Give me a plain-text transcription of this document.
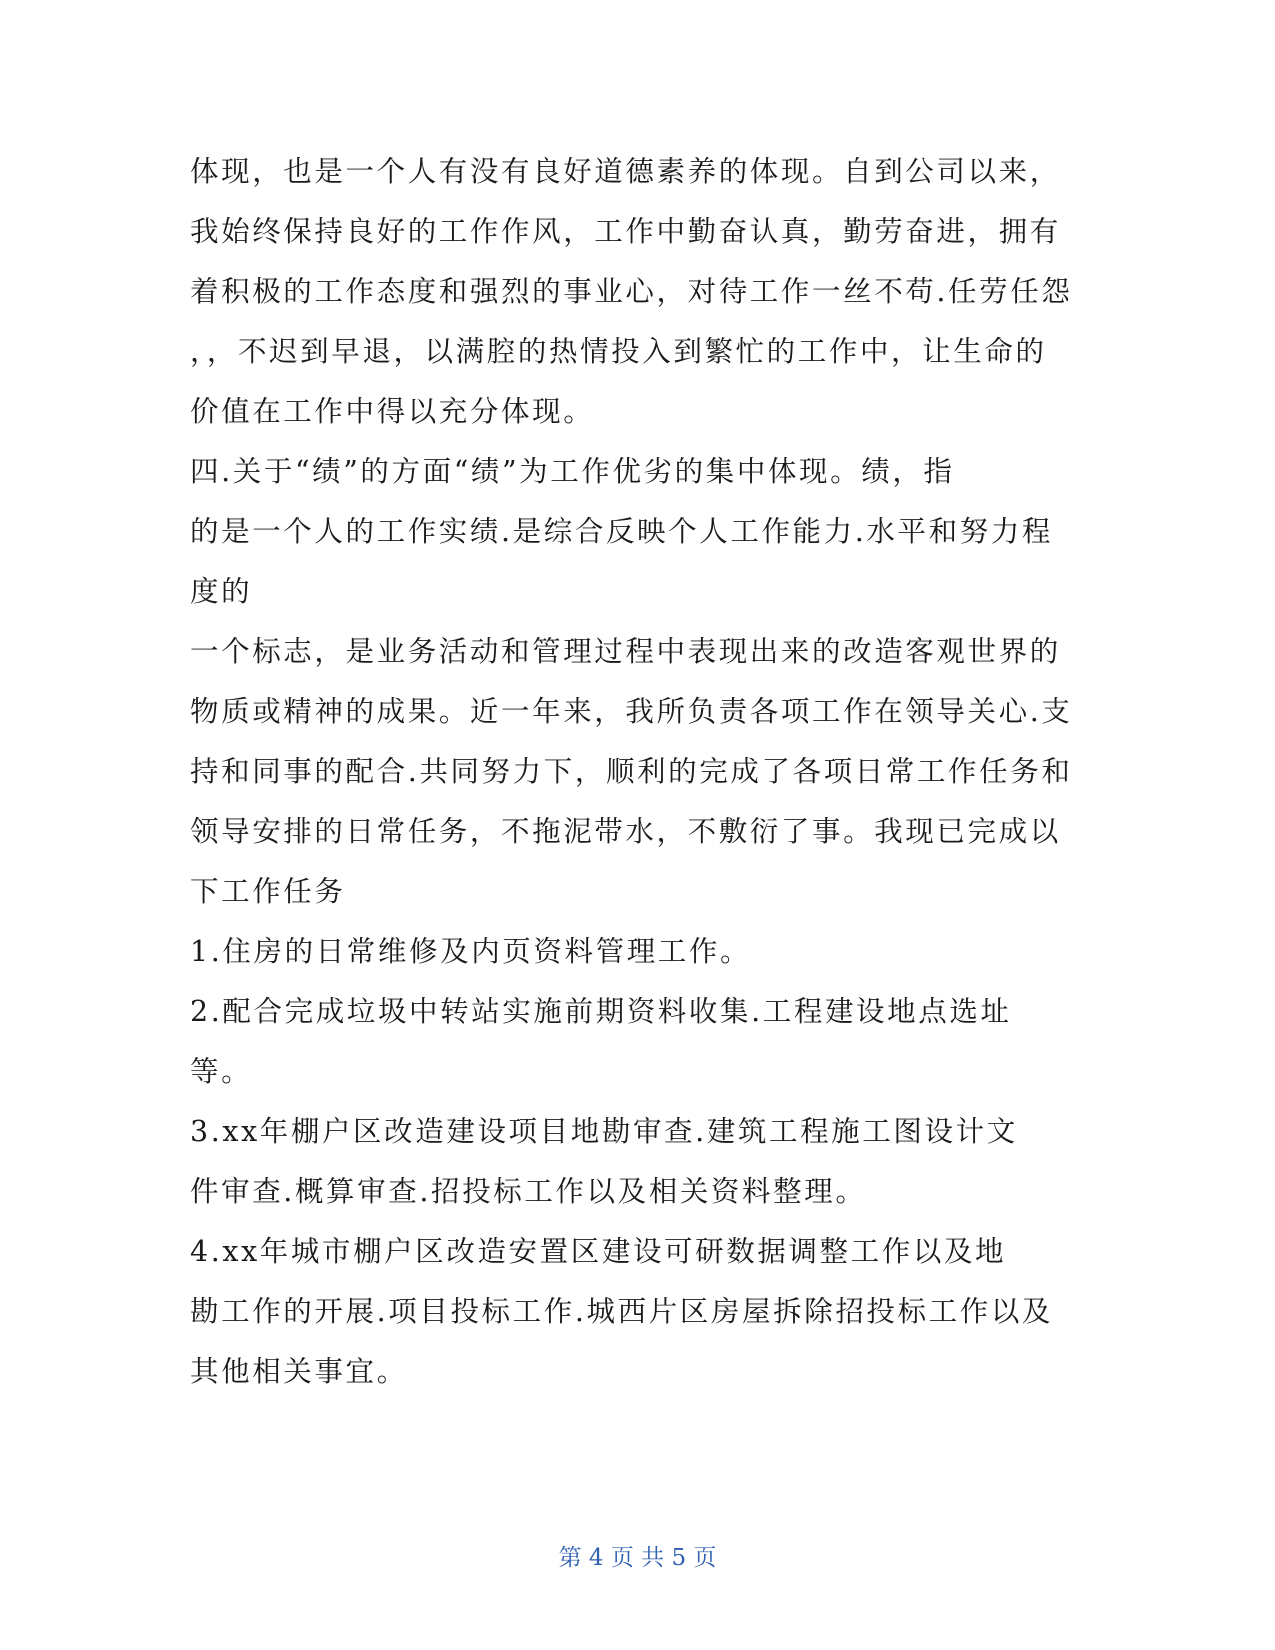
体现，也是一个人有没有良好道德素养的体现。自到公司以来，
我始终保持良好的工作作风，工作中勤奋认真，勤劳奋进，拥有
着积极的工作态度和强烈的事业心，对待工作一丝不苟.任劳任怨
，，不迟到早退，以满腔的热情投入到繁忙的工作中，让生命的
价值在工作中得以充分体现。
四.关于“绩”的方面“绩”为工作优劣的集中体现。绩，指
的是一个人的工作实绩.是综合反映个人工作能力.水平和努力程
度的
一个标志，是业务活动和管理过程中表现出来的改造客观世界的
物质或精神的成果。近一年来，我所负责各项工作在领导关心.支
持和同事的配合.共同努力下，顺利的完成了各项日常工作任务和
领导安排的日常任务，不拖泥带水，不敷衍了事。我现已完成以
下工作任务
1.住房的日常维修及内页资料管理工作。
2.配合完成垃圾中转站实施前期资料收集.工程建设地点选址
等。
3.xx年棚户区改造建设项目地勘审查.建筑工程施工图设计文
件审查.概算审查.招投标工作以及相关资料整理。
4.xx年城市棚户区改造安置区建设可研数据调整工作以及地
勘工作的开展.项目投标工作.城西片区房屋拆除招投标工作以及
其他相关事宜。
第 4 页 共 5 页
